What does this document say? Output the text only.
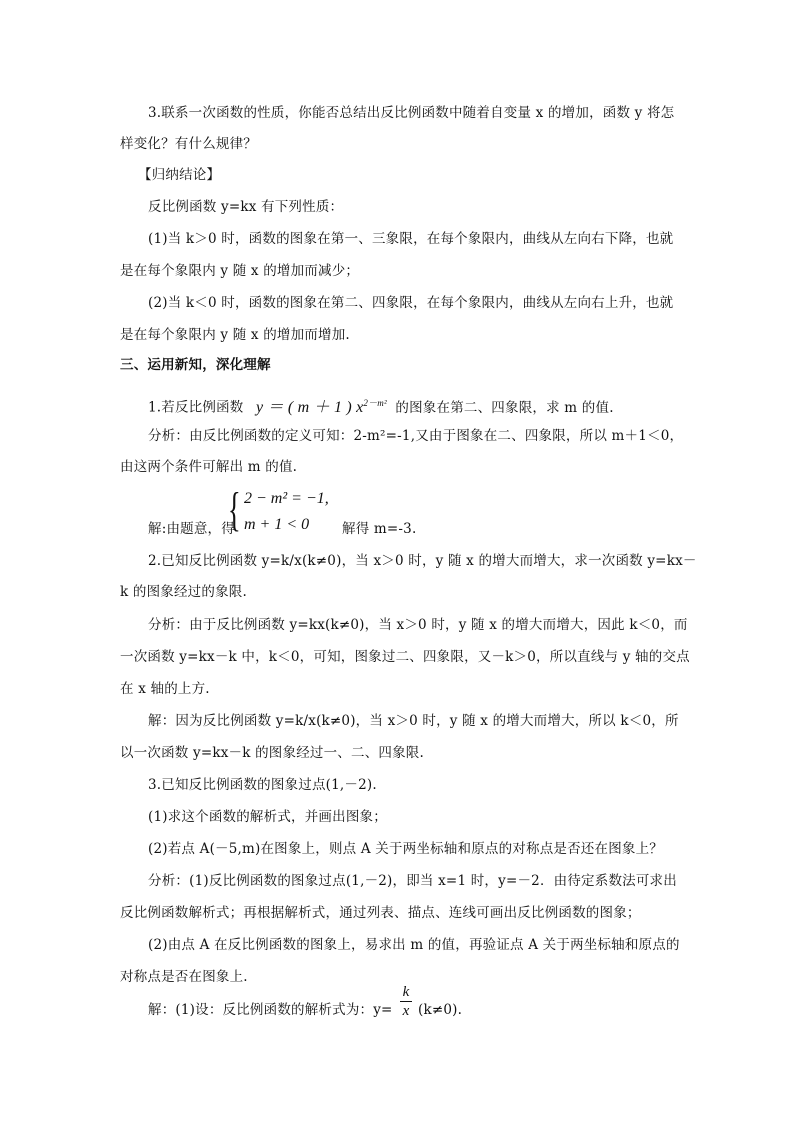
3.联系一次函数的性质，你能否总结出反比例函数中随着自变量 x 的增加，函数 y 将怎
样变化？有什么规律？
【归纳结论】
反比例函数 y=kx 有下列性质：
(1)当 k＞0 时，函数的图象在第一、三象限，在每个象限内，曲线从左向右下降，也就
是在每个象限内 y 随 x 的增加而减少；
(2)当 k＜0 时，函数的图象在第二、四象限，在每个象限内，曲线从左向右上升，也就
是在每个象限内 y 随 x 的增加而增加.
三、运用新知，深化理解
1.若反比例函数 y ＝ ( m ＋ 1 ) $x^{2-m^2}$ 的图象在第二、四象限，求 m 的值.
分析：由反比例函数的定义可知：2-m²=-1,又由于图象在二、四象限，所以 m＋1＜0，
由这两个条件可解出 m 的值.
解:由题意，得
{ 2 − m² = −1,
m + 1 < 0 解得 m=-3.
2.已知反比例函数 y=k/x(k≠0)，当 x＞0 时，y 随 x 的增大而增大，求一次函数 y=kx－
k 的图象经过的象限.
分析：由于反比例函数 y=kx(k≠0)，当 x＞0 时，y 随 x 的增大而增大，因此 k＜0，而
一次函数 y=kx－k 中，k＜0，可知，图象过二、四象限，又－k＞0，所以直线与 y 轴的交点
在 x 轴的上方.
解：因为反比例函数 y=k/x(k≠0)，当 x＞0 时，y 随 x 的增大而增大，所以 k＜0，所
以一次函数 y=kx－k 的图象经过一、二、四象限.
3.已知反比例函数的图象过点(1,－2).
(1)求这个函数的解析式，并画出图象；
(2)若点 A(－5,m)在图象上，则点 A 关于两坐标轴和原点的对称点是否还在图象上？
分析：(1)反比例函数的图象过点(1,－2)，即当 x=1 时，y=－2．由待定系数法可求出
反比例函数解析式；再根据解析式，通过列表、描点、连线可画出反比例函数的图象；
(2)由点 A 在反比例函数的图象上，易求出 m 的值，再验证点 A 关于两坐标轴和原点的
对称点是否在图象上.
解：(1)设：反比例函数的解析式为：y=
k
x (k≠0).
